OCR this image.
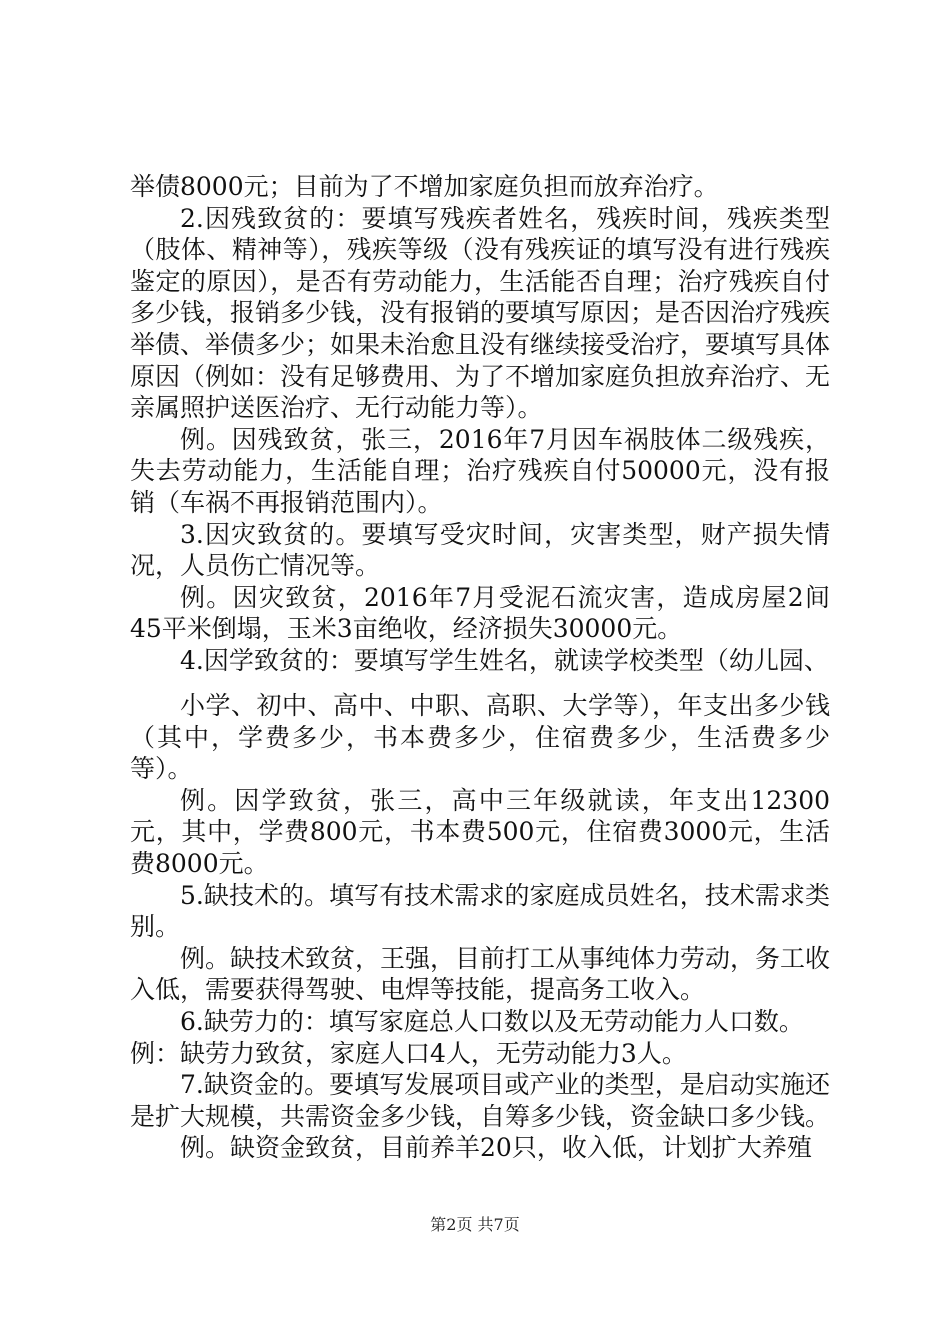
举债8000元；目前为了不增加家庭负担而放弃治疗。

2.因残致贫的：要填写残疾者姓名，残疾时间，残疾类型（肢体、精神等），残疾等级（没有残疾证的填写没有进行残疾鉴定的原因），是否有劳动能力，生活能否自理；治疗残疾自付多少钱，报销多少钱，没有报销的要填写原因；是否因治疗残疾举债、举债多少；如果未治愈且没有继续接受治疗，要填写具体原因（例如：没有足够费用、为了不增加家庭负担放弃治疗、无亲属照护送医治疗、无行动能力等）。

例。因残致贫，张三，2016年7月因车祸肢体二级残疾，失去劳动能力，生活能自理；治疗残疾自付50000元，没有报销（车祸不再报销范围内）。

3.因灾致贫的。要填写受灾时间，灾害类型，财产损失情况，人员伤亡情况等。

例。因灾致贫，2016年7月受泥石流灾害，造成房屋2间45平米倒塌，玉米3亩绝收，经济损失30000元。

4.因学致贫的：要填写学生姓名，就读学校类型（幼儿园、

小学、初中、高中、中职、高职、大学等），年支出多少钱（其中，学费多少，书本费多少，住宿费多少，生活费多少等）。

例。因学致贫，张三，高中三年级就读，年支出12300元，其中，学费800元，书本费500元，住宿费3000元，生活费8000元。

5.缺技术的。填写有技术需求的家庭成员姓名，技术需求类别。

例。缺技术致贫，王强，目前打工从事纯体力劳动，务工收入低，需要获得驾驶、电焊等技能，提高务工收入。

6.缺劳力的：填写家庭总人口数以及无劳动能力人口数。

例：缺劳力致贫，家庭人口4人，无劳动能力3人。

7.缺资金的。要填写发展项目或产业的类型，是启动实施还是扩大规模，共需资金多少钱，自筹多少钱，资金缺口多少钱。

例。缺资金致贫，目前养羊20只，收入低，计划扩大养殖

第2页 共7页
